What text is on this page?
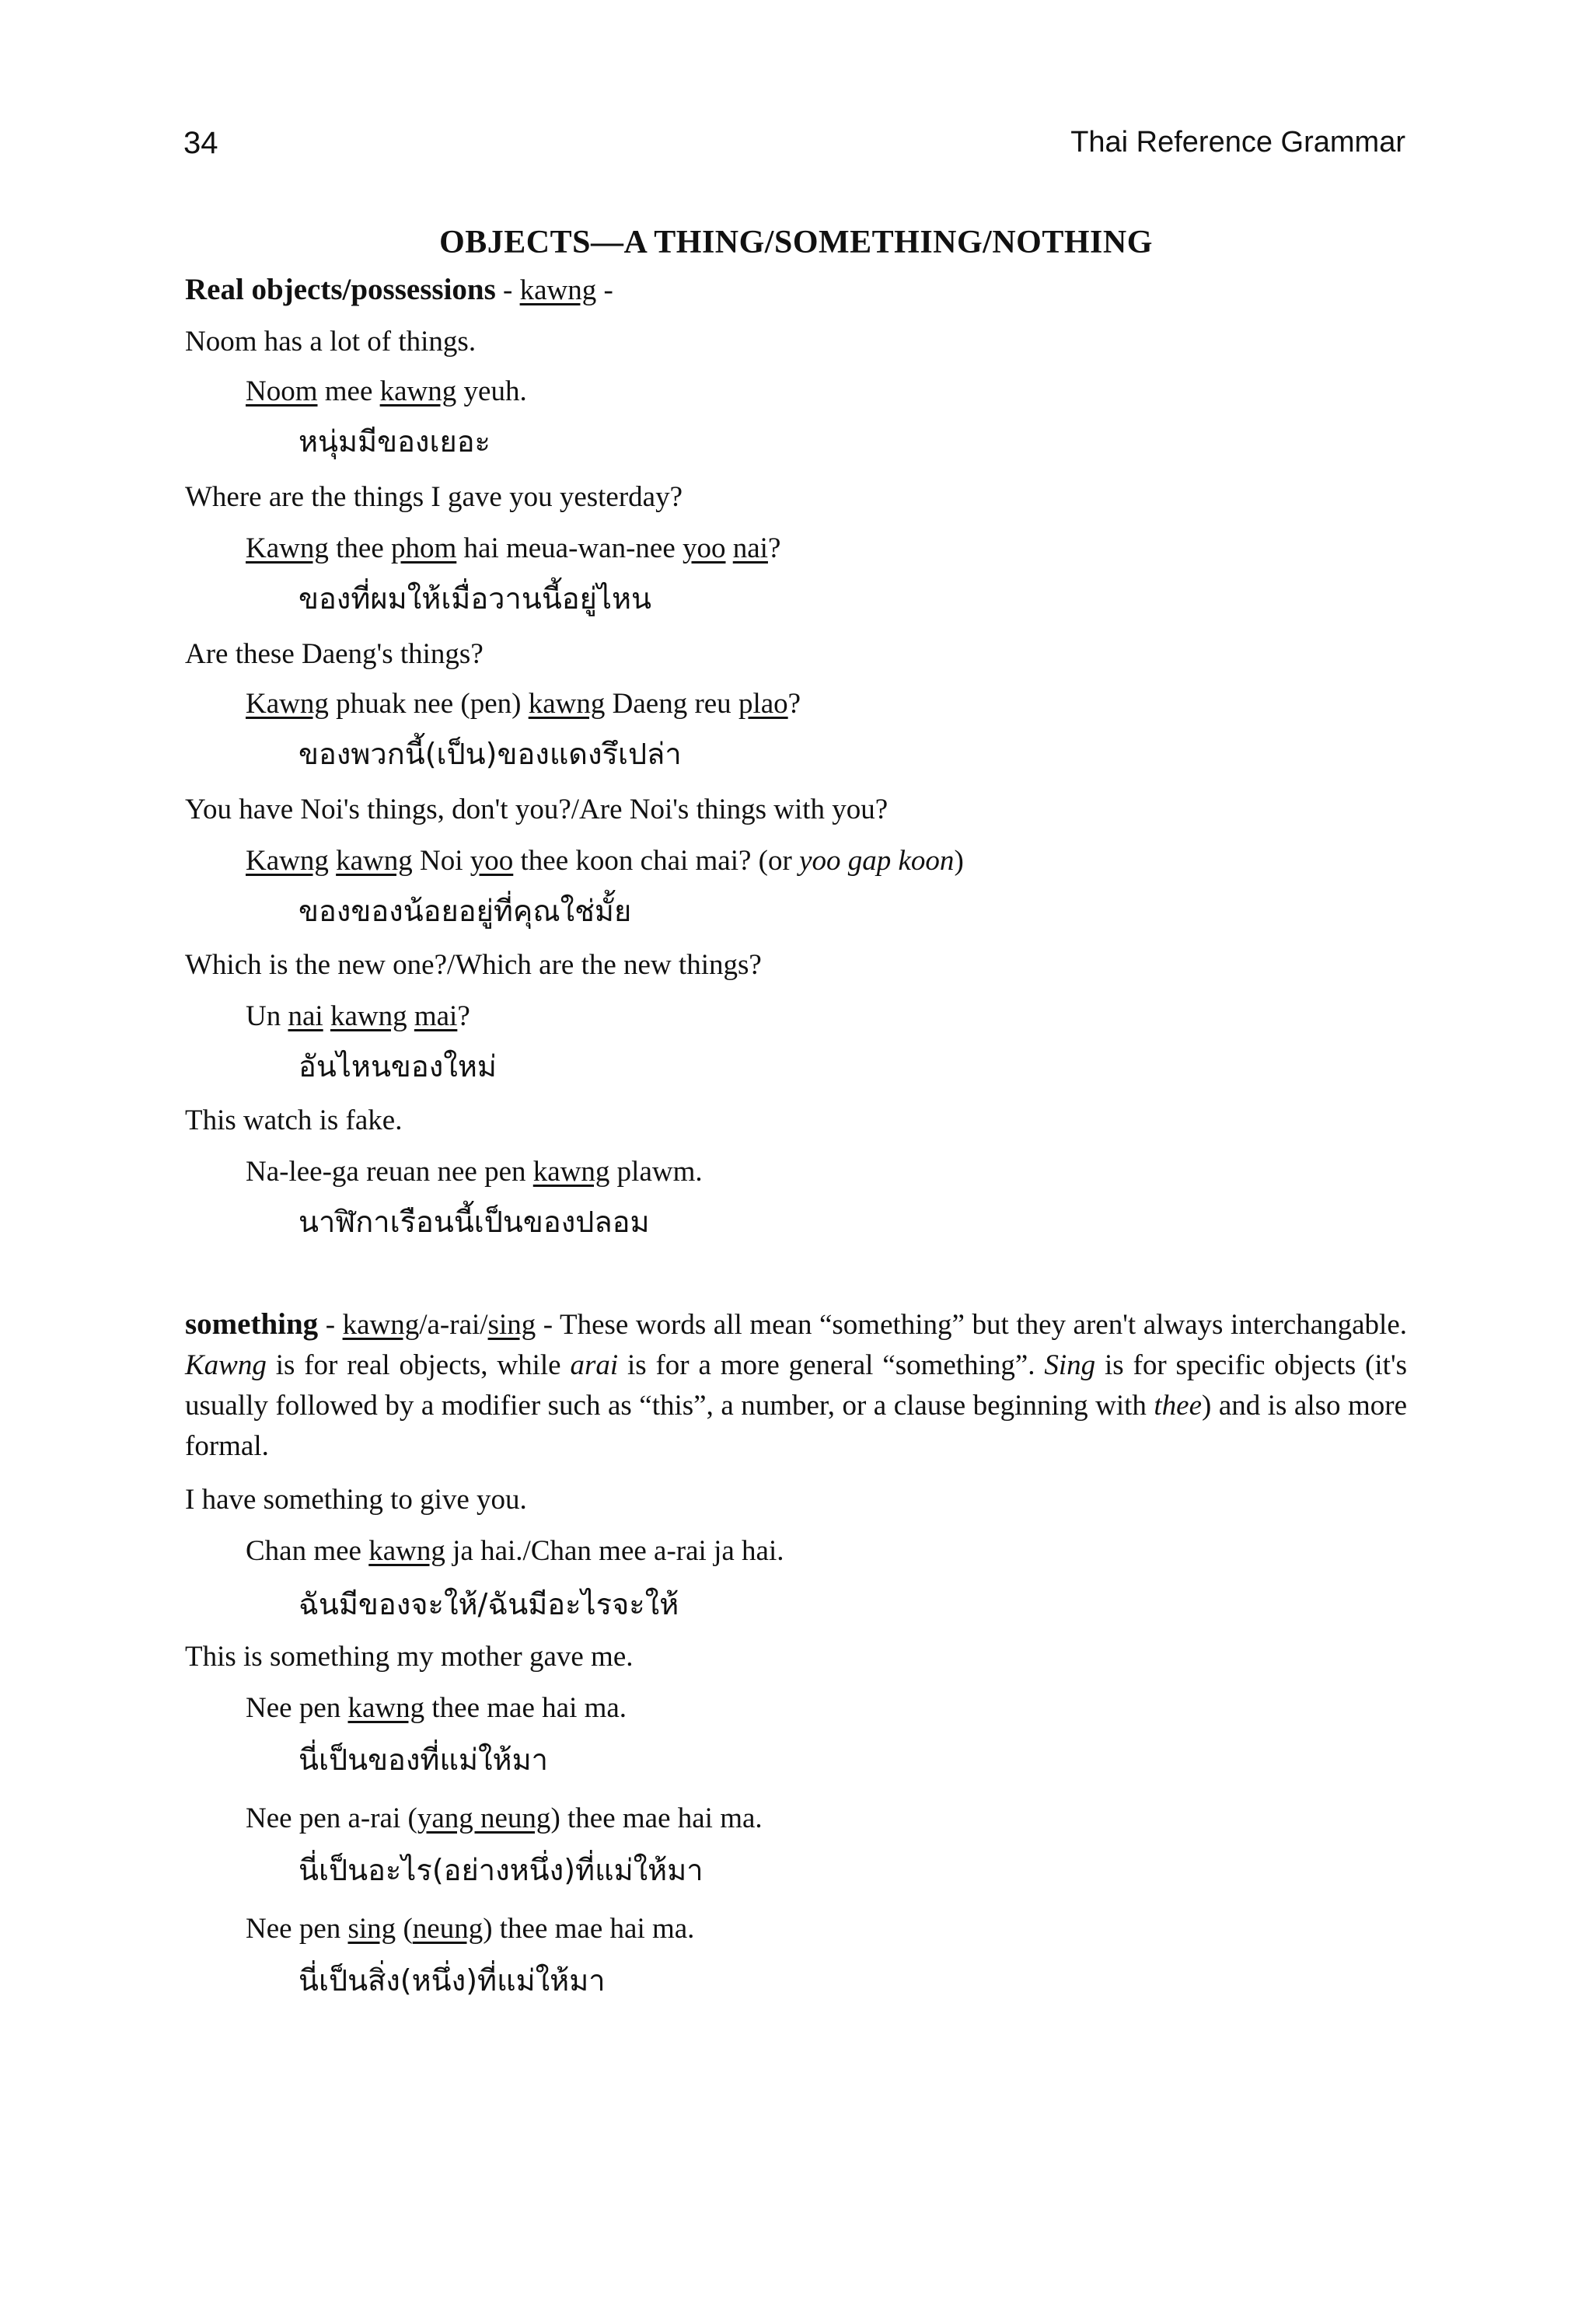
34	Thai Reference Grammar
OBJECTS—A THING/SOMETHING/NOTHING
Real objects/possessions - kawng -
Noom has a lot of things.
Noom mee kawng yeuh.
หนุ่มมีของเยอะ
Where are the things I gave you yesterday?
Kawng thee phom hai meua-wan-nee yoo nai?
ของที่ผมให้เมื่อวานนี้อยู่ไหน
Are these Daeng's things?
Kawng phuak nee (pen) kawng Daeng reu plao?
ของพวกนี้(เป็น)ของแดงรึเปล่า
You have Noi's things, don't you?/Are Noi's things with you?
Kawng kawng Noi yoo thee koon chai mai? (or yoo gap koon)
ของของน้อยอยู่ที่คุณใช่มั้ย
Which is the new one?/Which are the new things?
Un nai kawng mai?
อันไหนของใหม่
This watch is fake.
Na-lee-ga reuan nee pen kawng plawm.
นาฬิกาเรือนนี้เป็นของปลอม
something - kawng/a-rai/sing - These words all mean “something” but they aren't always interchangable. Kawng is for real objects, while arai is for a more general “something”. Sing is for specific objects (it's usually followed by a modifier such as “this”, a number, or a clause beginning with thee) and is also more formal.
I have something to give you.
Chan mee kawng ja hai./Chan mee a-rai ja hai.
ฉันมีของจะให้/ฉันมีอะไรจะให้
This is something my mother gave me.
Nee pen kawng thee mae hai ma.
นี่เป็นของที่แม่ให้มา
Nee pen a-rai (yang neung) thee mae hai ma.
นี่เป็นอะไร(อย่างหนึ่ง)ที่แม่ให้มา
Nee pen sing (neung) thee mae hai ma.
นี่เป็นสิ่ง(หนึ่ง)ที่แม่ให้มา
